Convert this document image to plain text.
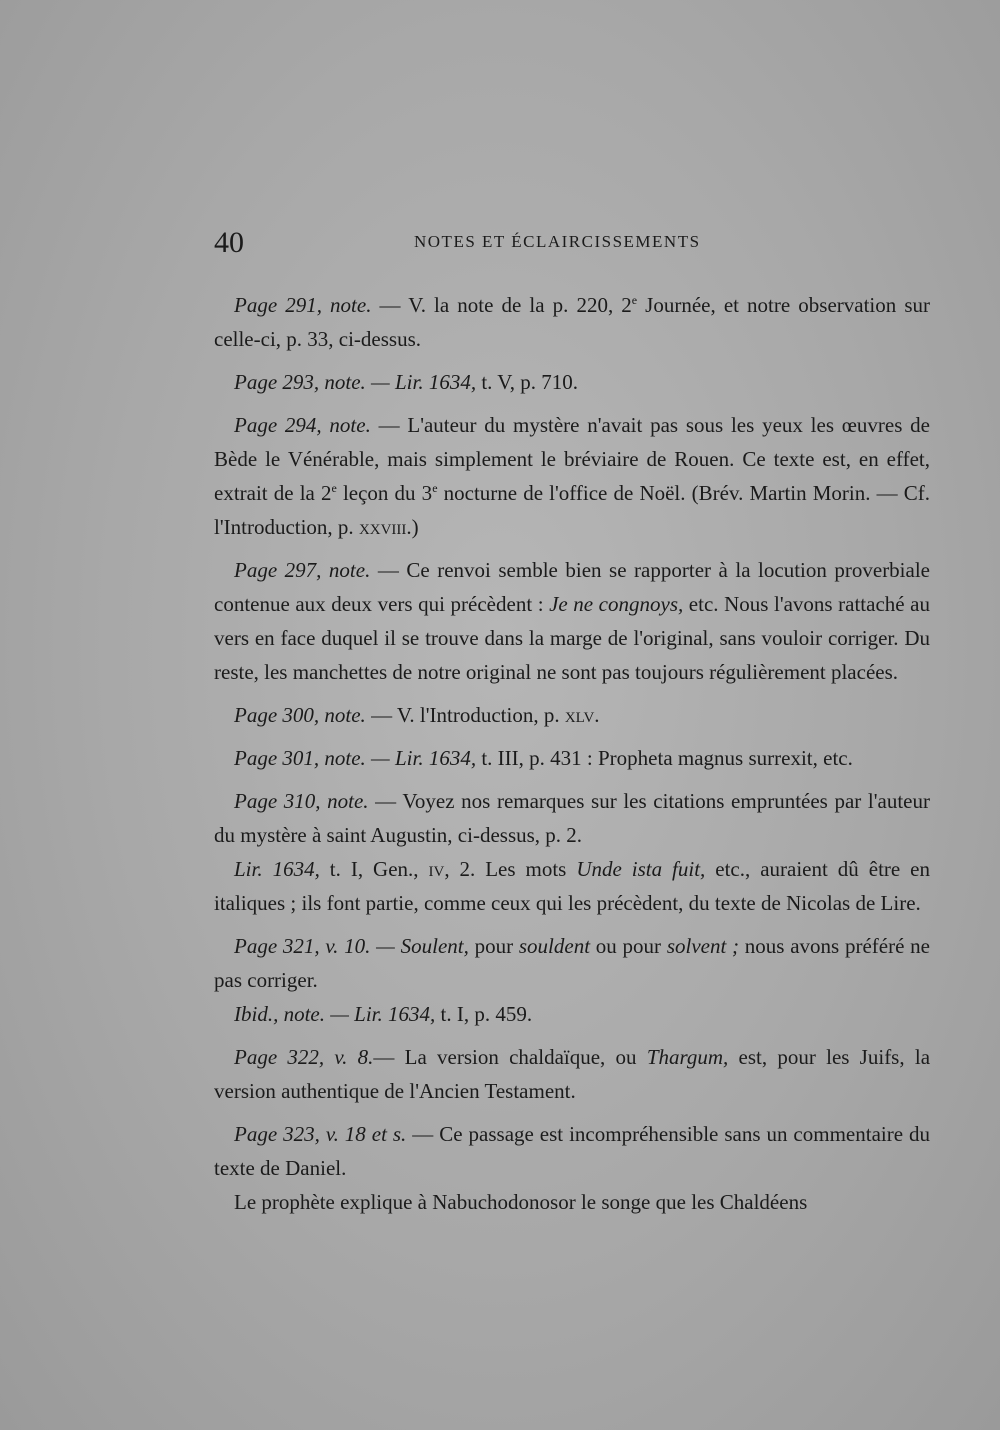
40	NOTES ET ÉCLAIRCISSEMENTS

Page 291, note. — V. la note de la p. 220, 2e Journée, et notre observation sur celle-ci, p. 33, ci-dessus.

Page 293, note. — Lir. 1634, t. V, p. 710.

Page 294, note. — L'auteur du mystère n'avait pas sous les yeux les œuvres de Bède le Vénérable, mais simplement le bréviaire de Rouen. Ce texte est, en effet, extrait de la 2e leçon du 3e nocturne de l'office de Noël. (Brév. Martin Morin. — Cf. l'Introduction, p. xxviii.)

Page 297, note. — Ce renvoi semble bien se rapporter à la locution proverbiale contenue aux deux vers qui précèdent : Je ne congnoys, etc. Nous l'avons rattaché au vers en face duquel il se trouve dans la marge de l'original, sans vouloir corriger. Du reste, les manchettes de notre original ne sont pas toujours régulièrement placées.

Page 300, note. — V. l'Introduction, p. xlv.

Page 301, note. — Lir. 1634, t. III, p. 431 : Propheta magnus surrexit, etc.

Page 310, note. — Voyez nos remarques sur les citations empruntées par l'auteur du mystère à saint Augustin, ci-dessus, p. 2.

Lir. 1634, t. I, Gen., iv, 2. Les mots Unde ista fuit, etc., auraient dû être en italiques ; ils font partie, comme ceux qui les précèdent, du texte de Nicolas de Lire.

Page 321, v. 10. — Soulent, pour souldent ou pour solvent ; nous avons préféré ne pas corriger.

Ibid., note. — Lir. 1634, t. I, p. 459.

Page 322, v. 8.— La version chaldaïque, ou Thargum, est, pour les Juifs, la version authentique de l'Ancien Testament.

Page 323, v. 18 et s. — Ce passage est incompréhensible sans un commentaire du texte de Daniel.

Le prophète explique à Nabuchodonosor le songe que les Chaldéens
